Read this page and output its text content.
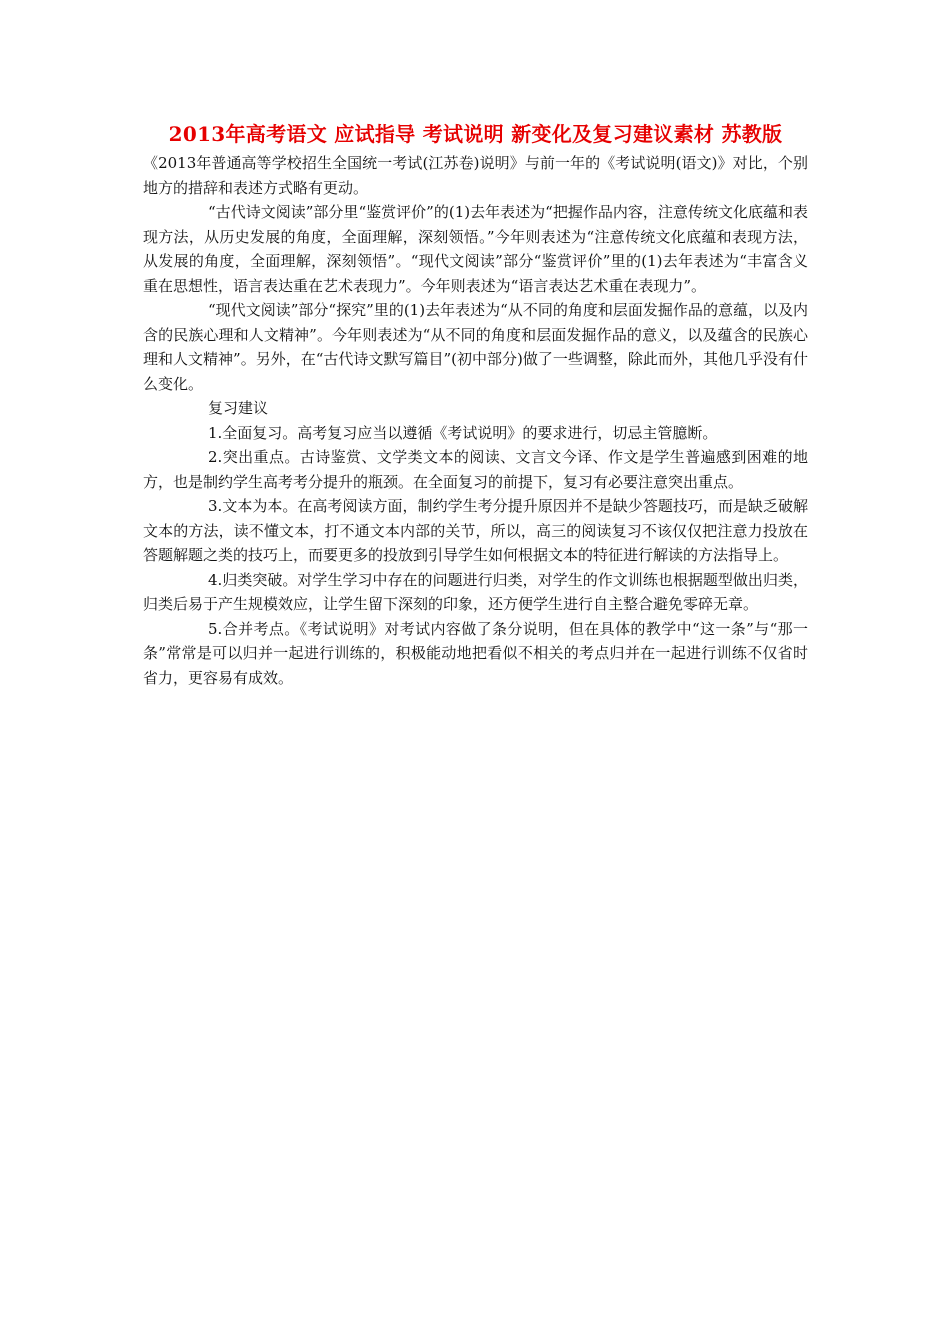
2013年高考语文 应试指导 考试说明 新变化及复习建议素材 苏教版

《2013年普通高等学校招生全国统一考试(江苏卷)说明》与前一年的《考试说明(语文)》对比，个别地方的措辞和表述方式略有更动。

“古代诗文阅读”部分里“鉴赏评价”的(1)去年表述为“把握作品内容，注意传统文化底蕴和表现方法，从历史发展的角度，全面理解，深刻领悟。”今年则表述为“注意传统文化底蕴和表现方法，从发展的角度，全面理解，深刻领悟”。“现代文阅读”部分“鉴赏评价”里的(1)去年表述为“丰富含义重在思想性，语言表达重在艺术表现力”。今年则表述为“语言表达艺术重在表现力”。

“现代文阅读”部分“探究”里的(1)去年表述为“从不同的角度和层面发掘作品的意蕴，以及内含的民族心理和人文精神”。今年则表述为“从不同的角度和层面发掘作品的意义，以及蕴含的民族心理和人文精神”。另外，在“古代诗文默写篇目”(初中部分)做了一些调整，除此而外，其他几乎没有什么变化。

复习建议

1.全面复习。高考复习应当以遵循《考试说明》的要求进行，切忌主管臆断。

2.突出重点。古诗鉴赏、文学类文本的阅读、文言文今译、作文是学生普遍感到困难的地方，也是制约学生高考考分提升的瓶颈。在全面复习的前提下，复习有必要注意突出重点。

3.文本为本。在高考阅读方面，制约学生考分提升原因并不是缺少答题技巧，而是缺乏破解文本的方法，读不懂文本，打不通文本内部的关节，所以，高三的阅读复习不该仅仅把注意力投放在答题解题之类的技巧上，而要更多的投放到引导学生如何根据文本的特征进行解读的方法指导上。

4.归类突破。对学生学习中存在的问题进行归类，对学生的作文训练也根据题型做出归类，归类后易于产生规模效应，让学生留下深刻的印象，还方便学生进行自主整合避免零碎无章。

5.合并考点。《考试说明》对考试内容做了条分说明，但在具体的教学中“这一条”与“那一条”常常是可以归并一起进行训练的，积极能动地把看似不相关的考点归并在一起进行训练不仅省时省力，更容易有成效。
